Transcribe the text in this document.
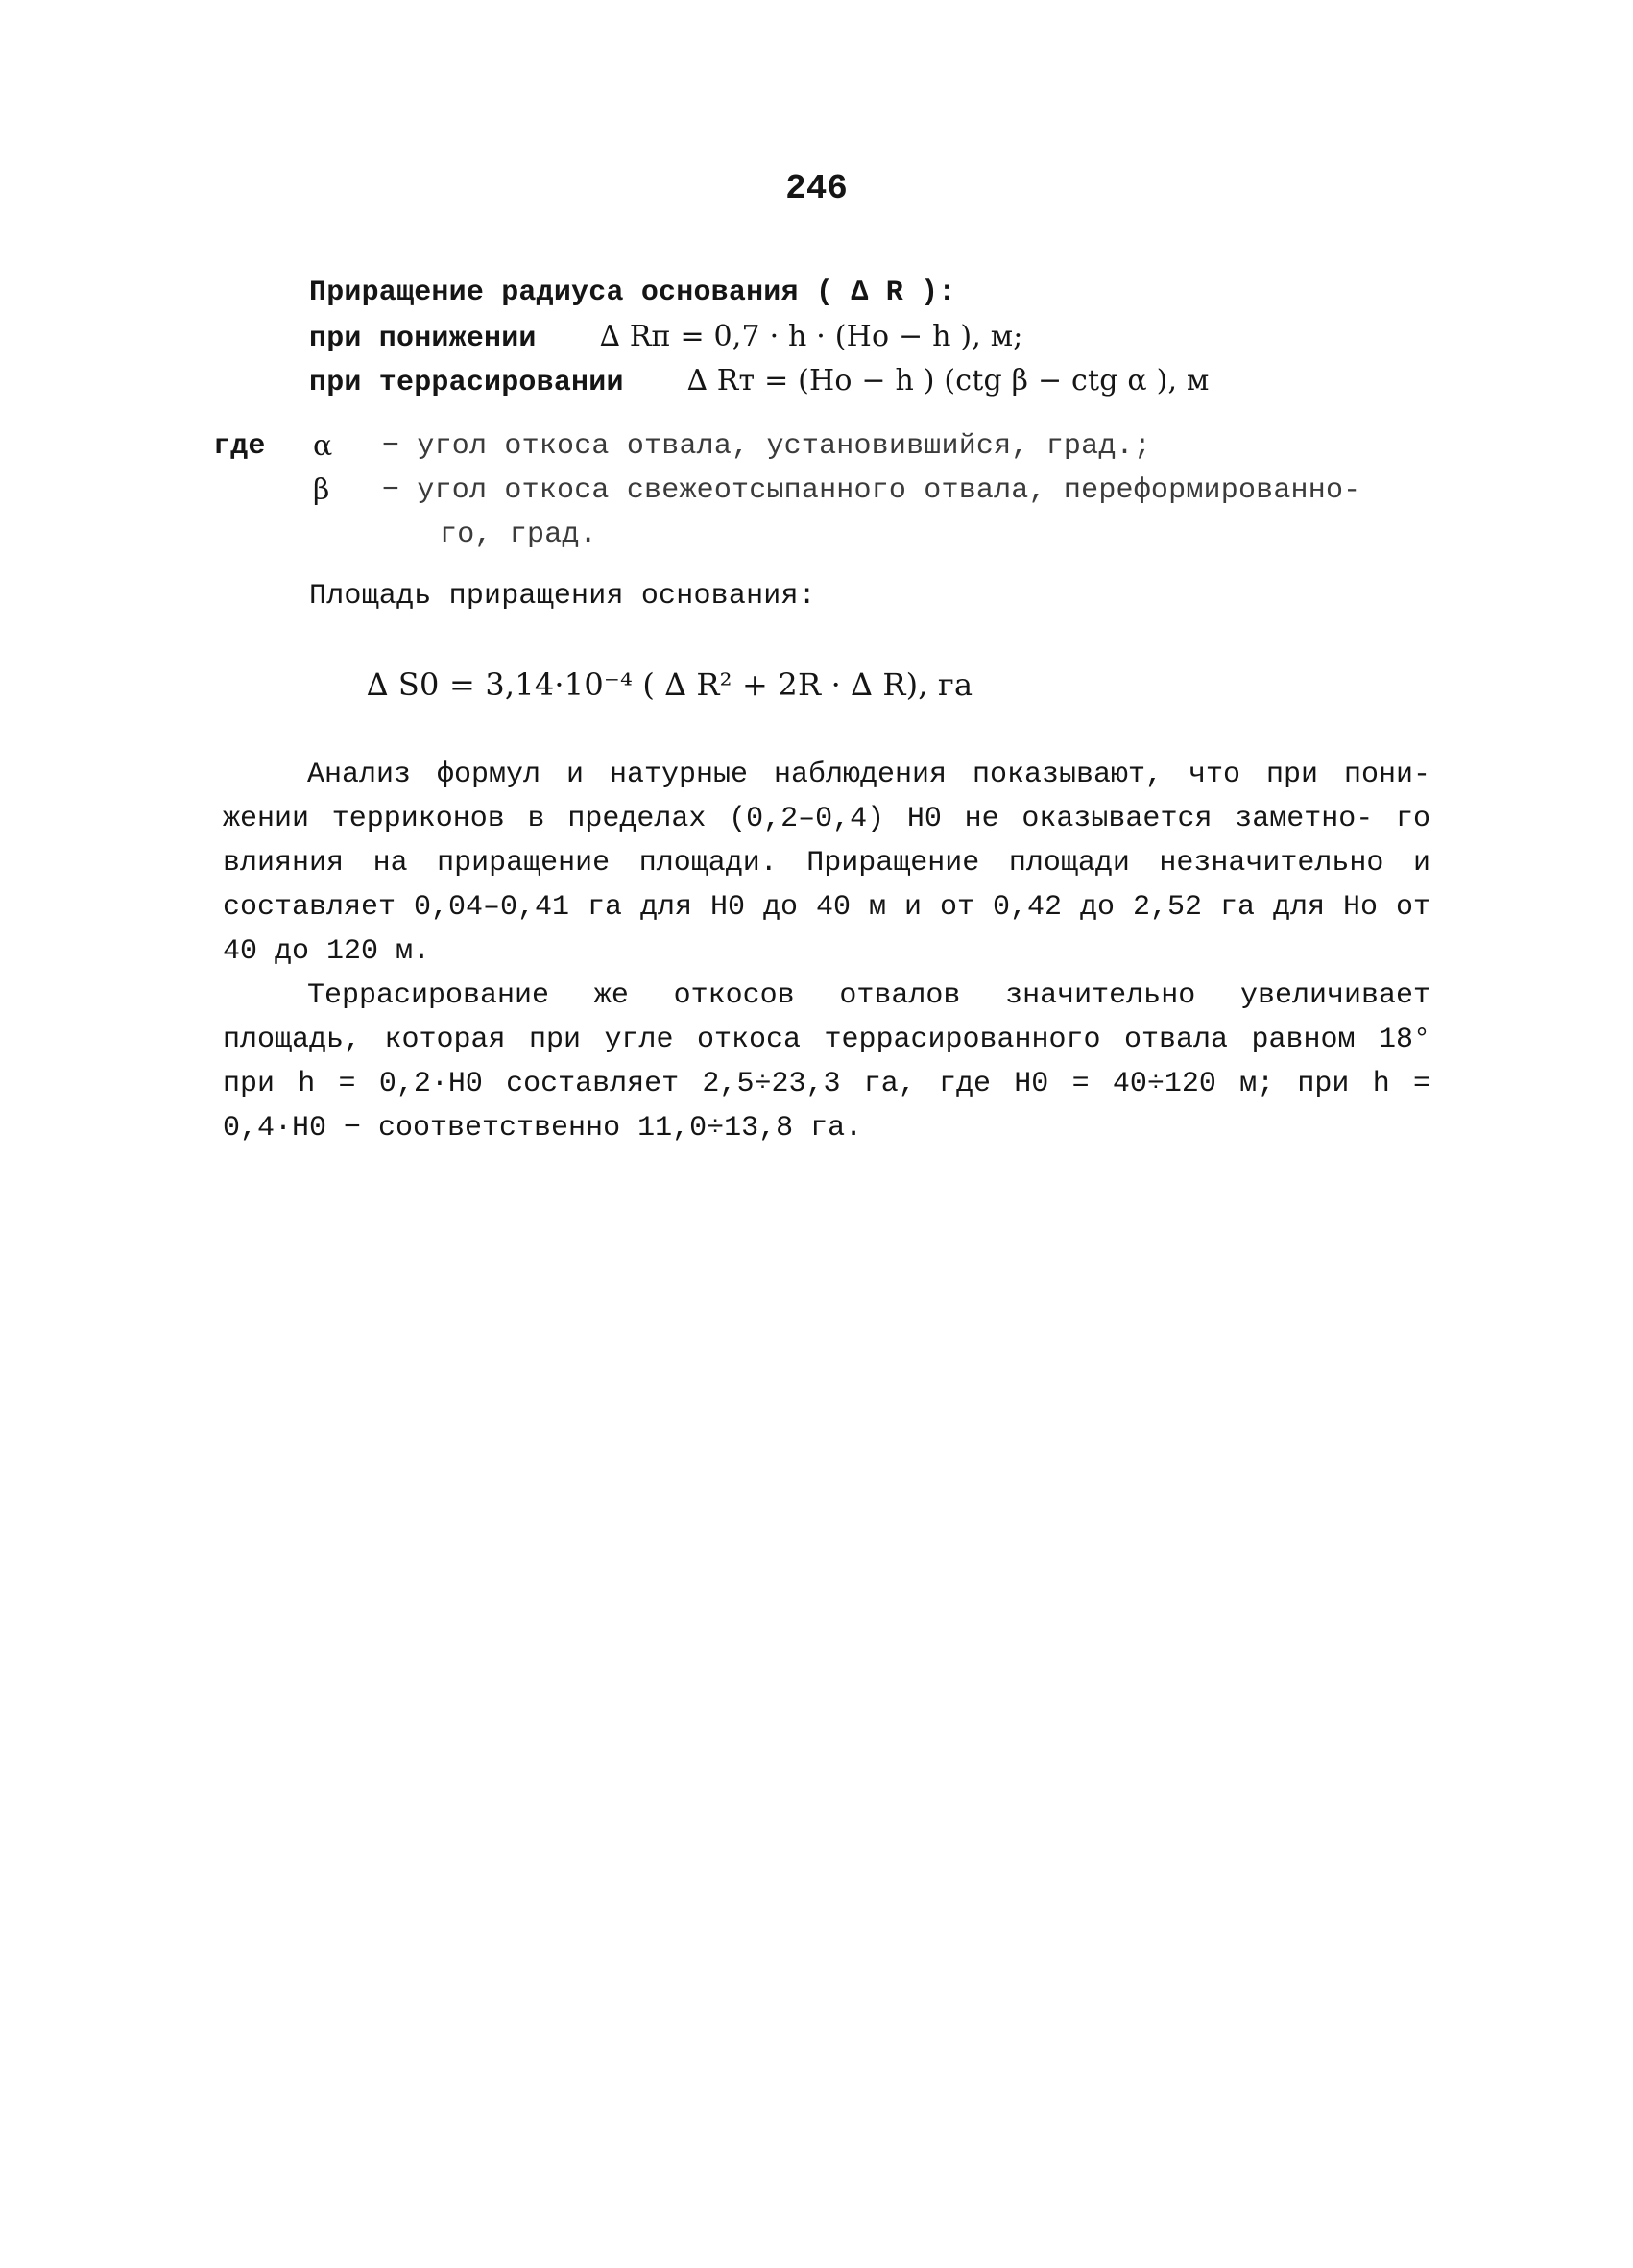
246
Приращение радиуса основания ( ∆ R ):
при понижении ∆ Rп = 0,7 · h · (Ho − h ), м;
при террасировании ∆ Rт = (Ho − h ) (ctg β − ctg α ), м
где α − угол откоса отвала, установившийся, град.;
β − угол откоса свежеотсыпанного отвала, переформированно-
го, град.
Площадь приращения основания:
∆ S0 = 3,14·10⁻⁴ ( ∆ R² + 2R · ∆ R), га

Анализ формул и натурные наблюдения показывают, что при пони- жении терриконов в пределах (0,2–0,4) H0 не оказывается заметно- го влияния на приращение площади. Приращение площади незначительно и составляет 0,04–0,41 га для H0 до 40 м и от 0,42 до 2,52 га для Ho от 40 до 120 м.

Террасирование же откосов отвалов значительно увеличивает площадь, которая при угле откоса террасированного отвала равном 18° при h = 0,2·H0 составляет 2,5÷23,3 га, где H0 = 40÷120 м; при h = 0,4·H0 − соответственно 11,0÷13,8 га.
